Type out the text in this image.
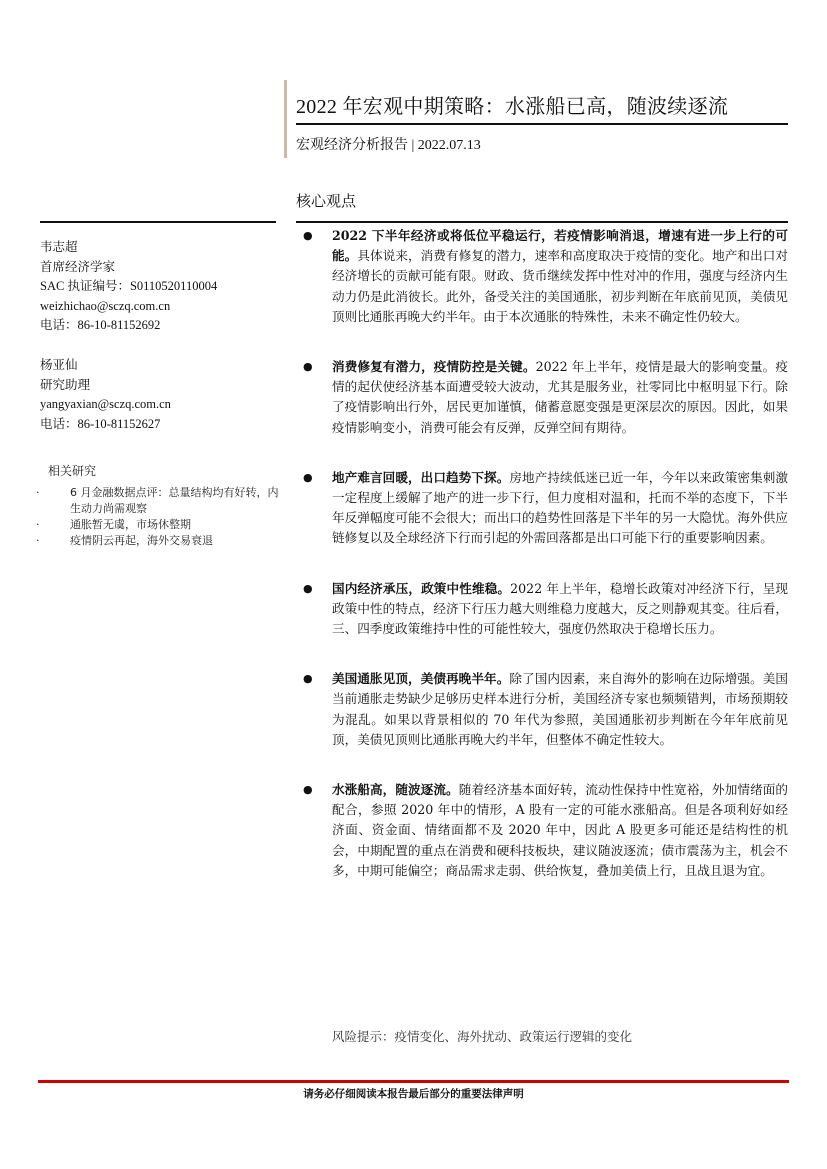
2022 年宏观中期策略：水涨船已高，随波续逐流
宏观经济分析报告 | 2022.07.13
核心观点
韦志超
首席经济学家
SAC 执证编号：S0110520110004
weizhichao@sczq.com.cn
电话：86-10-81152692
杨亚仙
研究助理
yangyaxian@sczq.com.cn
电话：86-10-81152627
相关研究
·	6 月金融数据点评：总量结构均有好转，内生动力尚需观察
·	通胀暂无虞，市场休整期
·	疫情阴云再起，海外交易衰退
●	2022 下半年经济或将低位平稳运行，若疫情影响消退，增速有进一步上行的可能。具体说来，消费有修复的潜力，速率和高度取决于疫情的变化。地产和出口对经济增长的贡献可能有限。财政、货币继续发挥中性对冲的作用，强度与经济内生动力仍是此消彼长。此外，备受关注的美国通胀，初步判断在年底前见顶，美债见顶则比通胀再晚大约半年。由于本次通胀的特殊性，未来不确定性仍较大。
●	消费修复有潜力，疫情防控是关键。2022 年上半年，疫情是最大的影响变量。疫情的起伏使经济基本面遭受较大波动，尤其是服务业，社零同比中枢明显下行。除了疫情影响出行外，居民更加谨慎，储蓄意愿变强是更深层次的原因。因此，如果疫情影响变小，消费可能会有反弹，反弹空间有期待。
●	地产难言回暖，出口趋势下探。房地产持续低迷已近一年，今年以来政策密集刺激一定程度上缓解了地产的进一步下行，但力度相对温和，托而不举的态度下，下半年反弹幅度可能不会很大；而出口的趋势性回落是下半年的另一大隐忧。海外供应链修复以及全球经济下行而引起的外需回落都是出口可能下行的重要影响因素。
●	国内经济承压，政策中性维稳。2022 年上半年，稳增长政策对冲经济下行，呈现政策中性的特点，经济下行压力越大则维稳力度越大，反之则静观其变。往后看，三、四季度政策维持中性的可能性较大，强度仍然取决于稳增长压力。
●	美国通胀见顶，美债再晚半年。除了国内因素，来自海外的影响在边际增强。美国当前通胀走势缺少足够历史样本进行分析，美国经济专家也频频错判，市场预期较为混乱。如果以背景相似的 70 年代为参照，美国通胀初步判断在今年年底前见顶，美债见顶则比通胀再晚大约半年，但整体不确定性较大。
●	水涨船高，随波逐流。随着经济基本面好转，流动性保持中性宽裕，外加情绪面的配合，参照 2020 年中的情形，A 股有一定的可能水涨船高。但是各项利好如经济面、资金面、情绪面都不及 2020 年中，因此 A 股更多可能还是结构性的机会，中期配置的重点在消费和硬科技板块，建议随波逐流；债市震荡为主，机会不多，中期可能偏空；商品需求走弱、供给恢复，叠加美债上行，且战且退为宜。
风险提示：疫情变化、海外扰动、政策运行逻辑的变化
请务必仔细阅读本报告最后部分的重要法律声明
